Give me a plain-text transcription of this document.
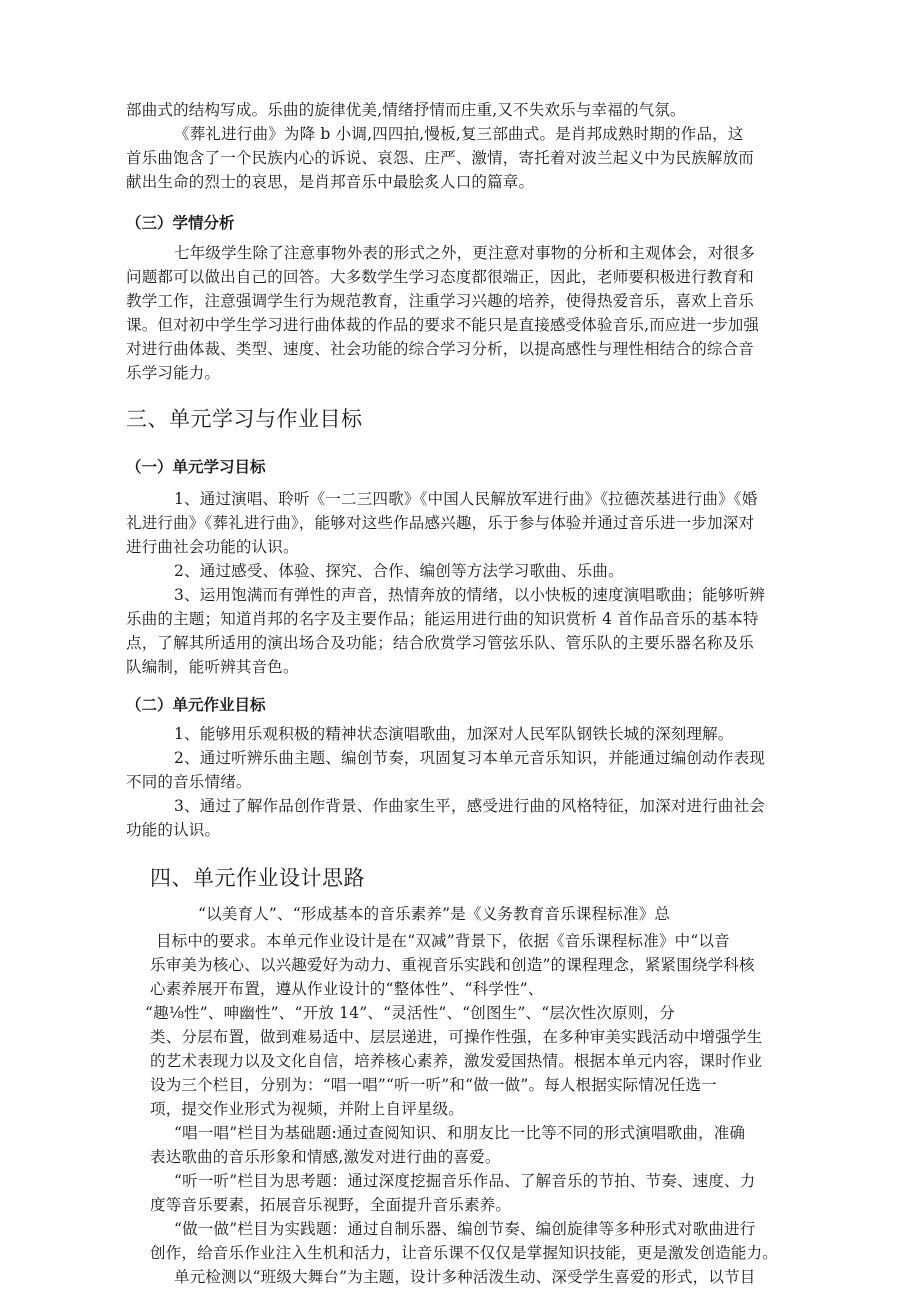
部曲式的结构写成。乐曲的旋律优美,情绪抒情而庄重,又不失欢乐与幸福的气氛。
《葬礼进行曲》为降 b 小调,四四拍,慢板,复三部曲式。是肖邦成熟时期的作品，这
首乐曲饱含了一个民族内心的诉说、哀怨、庄严、激情，寄托着对波兰起义中为民族解放而
献出生命的烈士的哀思，是肖邦音乐中最脍炙人口的篇章。
（三）学情分析
七年级学生除了注意事物外表的形式之外，更注意对事物的分析和主观体会，对很多
问题都可以做出自己的回答。大多数学生学习态度都很端正，因此，老师要积极进行教育和
教学工作，注意强调学生行为规范教育，注重学习兴趣的培养，使得热爱音乐，喜欢上音乐
课。但对初中学生学习进行曲体裁的作品的要求不能只是直接感受体验音乐,而应进一步加强
对进行曲体裁、类型、速度、社会功能的综合学习分析，以提高感性与理性相结合的综合音
乐学习能力。
三、单元学习与作业目标
（一）单元学习目标
1、通过演唱、聆听《一二三四歌》《中国人民解放军进行曲》《拉德茨基进行曲》《婚
礼进行曲》《葬礼进行曲》，能够对这些作品感兴趣，乐于参与体验并通过音乐进一步加深对
进行曲社会功能的认识。
2、通过感受、体验、探究、合作、编创等方法学习歌曲、乐曲。
3、运用饱满而有弹性的声音，热情奔放的情绪，以小快板的速度演唱歌曲；能够听辨
乐曲的主题；知道肖邦的名字及主要作品；能运用进行曲的知识赏析 4 首作品音乐的基本特
点，了解其所适用的演出场合及功能；结合欣赏学习管弦乐队、管乐队的主要乐器名称及乐
队编制，能听辨其音色。
（二）单元作业目标
1、能够用乐观积极的精神状态演唱歌曲，加深对人民军队钢铁长城的深刻理解。
2、通过听辨乐曲主题、编创节奏，巩固复习本单元音乐知识，并能通过编创动作表现
不同的音乐情绪。
3、通过了解作品创作背景、作曲家生平，感受进行曲的风格特征，加深对进行曲社会
功能的认识。
四、单元作业设计思路
“以美育人”、“形成基本的音乐素养”是《义务教育音乐课程标准》总
目标中的要求。本单元作业设计是在“双减”背景下，依据《音乐课程标准》中“以音
乐审美为核心、以兴趣爱好为动力、重视音乐实践和创造”的课程理念，紧紧围绕学科核
心素养展开布置，遵从作业设计的“整体性”、“科学性”、
“趣⅛性”、呻幽性”、“开放 14”、“灵活性”、“创图生”、“层次性次原则，分
类、分层布置，做到难易适中、层层递进，可操作性强，在多种审美实践活动中增强学生
的艺术表现力以及文化自信，培养核心素养，激发爱国热情。根据本单元内容，课时作业
设为三个栏目，分别为：“唱一唱”“听一听”和“做一做”。每人根据实际情况任选一
项，提交作业形式为视频，并附上自评星级。
“唱一唱”栏目为基础题:通过查阅知识、和朋友比一比等不同的形式演唱歌曲，准确
表达歌曲的音乐形象和情感,激发对进行曲的喜爱。
“听一听”栏目为思考题：通过深度挖掘音乐作品、了解音乐的节拍、节奏、速度、力
度等音乐要素，拓展音乐视野，全面提升音乐素养。
“做一做”栏目为实践题：通过自制乐器、编创节奏、编创旋律等多种形式对歌曲进行
创作，给音乐作业注入生机和活力，让音乐课不仅仅是掌握知识技能，更是激发创造能力。
单元检测以“班级大舞台”为主题，设计多种活泼生动、深受学生喜爱的形式，以节目
